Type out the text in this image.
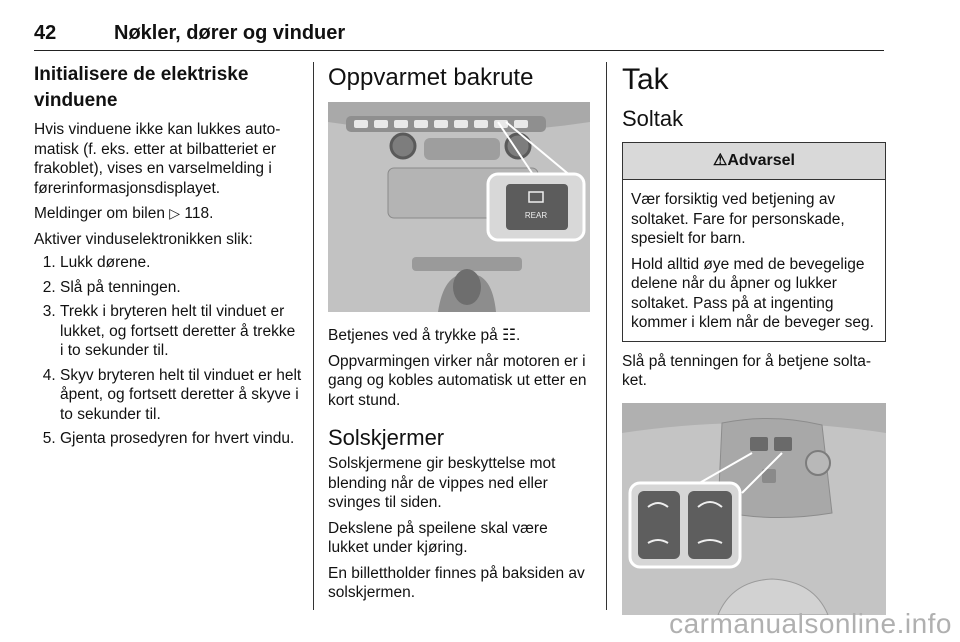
42	Nøkler, dører og vinduer
Initialisere de elektriske vinduene

Hvis vinduene ikke kan lukkes auto-matisk (f. eks. etter at bilbatteriet er frakoblet), vises en varselmelding i førerinformasjonsdisplayet.

Meldinger om bilen ▷ 118.

Aktiver vinduselektronikken slik:

1. Lukk dørene.
2. Slå på tenningen.
3. Trekk i bryteren helt til vinduet er lukket, og fortsett deretter å trekke i to sekunder til.
4. Skyv bryteren helt til vinduet er helt åpent, og fortsett deretter å skyve i to sekunder til.
5. Gjenta prosedyren for hvert vindu.
Oppvarmet bakrute
REAR

Betjenes ved å trykke på ☷.

Oppvarmingen virker når motoren er i gang og kobles automatisk ut etter en kort stund.

Solskjermer

Solskjermene gir beskyttelse mot blending når de vippes ned eller svinges til siden.

Dekslene på speilene skal være lukket under kjøring.

En billettholder finnes på baksiden av solskjermen.

Tak
Soltak
⚠Advarsel

Vær forsiktig ved betjening av soltaket. Fare for personskade, spesielt for barn.

Hold alltid øye med de bevegelige delene når du åpner og lukker soltaket. Pass på at ingenting kommer i klem når de beveger seg.

Slå på tenningen for å betjene solta-ket.

carmanualsonline.info
